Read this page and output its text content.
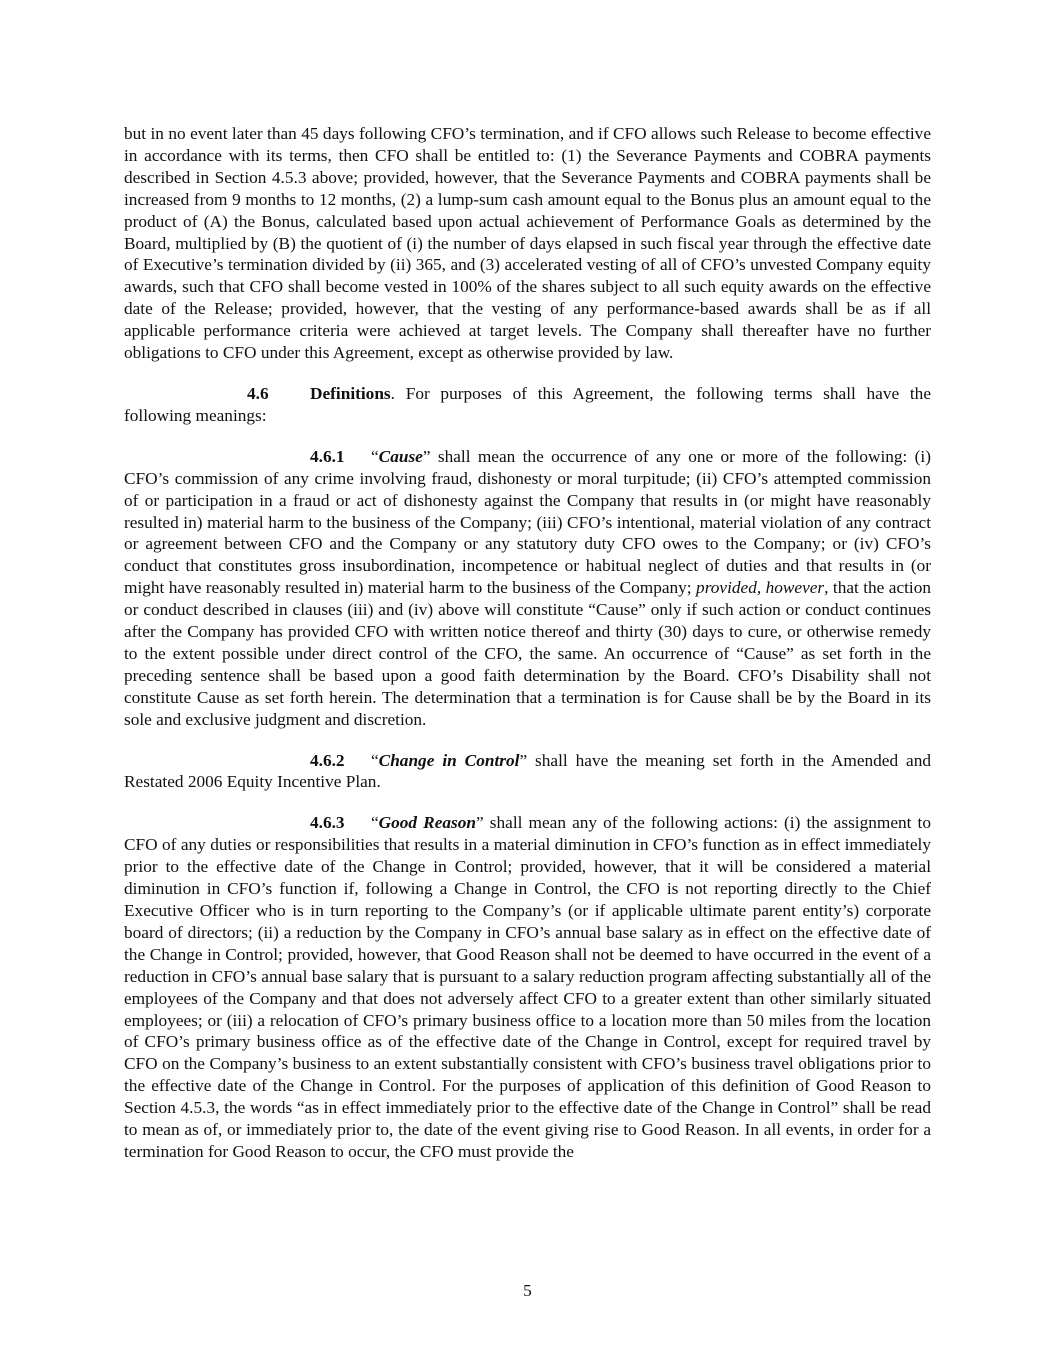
but in no event later than 45 days following CFO’s termination, and if CFO allows such Release to become effective in accordance with its terms, then CFO shall be entitled to: (1) the Severance Payments and COBRA payments described in Section 4.5.3 above; provided, however, that the Severance Payments and COBRA payments shall be increased from 9 months to 12 months, (2) a lump-sum cash amount equal to the Bonus plus an amount equal to the product of (A) the Bonus, calculated based upon actual achievement of Performance Goals as determined by the Board, multiplied by (B) the quotient of (i) the number of days elapsed in such fiscal year through the effective date of Executive’s termination divided by (ii) 365, and (3) accelerated vesting of all of CFO’s unvested Company equity awards, such that CFO shall become vested in 100% of the shares subject to all such equity awards on the effective date of the Release; provided, however, that the vesting of any performance-based awards shall be as if all applicable performance criteria were achieved at target levels. The Company shall thereafter have no further obligations to CFO under this Agreement, except as otherwise provided by law.

4.6 Definitions. For purposes of this Agreement, the following terms shall have the following meanings:

4.6.1 “Cause” shall mean the occurrence of any one or more of the following: (i) CFO’s commission of any crime involving fraud, dishonesty or moral turpitude; (ii) CFO’s attempted commission of or participation in a fraud or act of dishonesty against the Company that results in (or might have reasonably resulted in) material harm to the business of the Company; (iii) CFO’s intentional, material violation of any contract or agreement between CFO and the Company or any statutory duty CFO owes to the Company; or (iv) CFO’s conduct that constitutes gross insubordination, incompetence or habitual neglect of duties and that results in (or might have reasonably resulted in) material harm to the business of the Company; provided, however, that the action or conduct described in clauses (iii) and (iv) above will constitute “Cause” only if such action or conduct continues after the Company has provided CFO with written notice thereof and thirty (30) days to cure, or otherwise remedy to the extent possible under direct control of the CFO, the same. An occurrence of “Cause” as set forth in the preceding sentence shall be based upon a good faith determination by the Board. CFO’s Disability shall not constitute Cause as set forth herein. The determination that a termination is for Cause shall be by the Board in its sole and exclusive judgment and discretion.

4.6.2 “Change in Control” shall have the meaning set forth in the Amended and Restated 2006 Equity Incentive Plan.

4.6.3 “Good Reason” shall mean any of the following actions: (i) the assignment to CFO of any duties or responsibilities that results in a material diminution in CFO’s function as in effect immediately prior to the effective date of the Change in Control; provided, however, that it will be considered a material diminution in CFO’s function if, following a Change in Control, the CFO is not reporting directly to the Chief Executive Officer who is in turn reporting to the Company’s (or if applicable ultimate parent entity’s) corporate board of directors; (ii) a reduction by the Company in CFO’s annual base salary as in effect on the effective date of the Change in Control; provided, however, that Good Reason shall not be deemed to have occurred in the event of a reduction in CFO’s annual base salary that is pursuant to a salary reduction program affecting substantially all of the employees of the Company and that does not adversely affect CFO to a greater extent than other similarly situated employees; or (iii) a relocation of CFO’s primary business office to a location more than 50 miles from the location of CFO’s primary business office as of the effective date of the Change in Control, except for required travel by CFO on the Company’s business to an extent substantially consistent with CFO’s business travel obligations prior to the effective date of the Change in Control. For the purposes of application of this definition of Good Reason to Section 4.5.3, the words “as in effect immediately prior to the effective date of the Change in Control” shall be read to mean as of, or immediately prior to, the date of the event giving rise to Good Reason. In all events, in order for a termination for Good Reason to occur, the CFO must provide the

5
